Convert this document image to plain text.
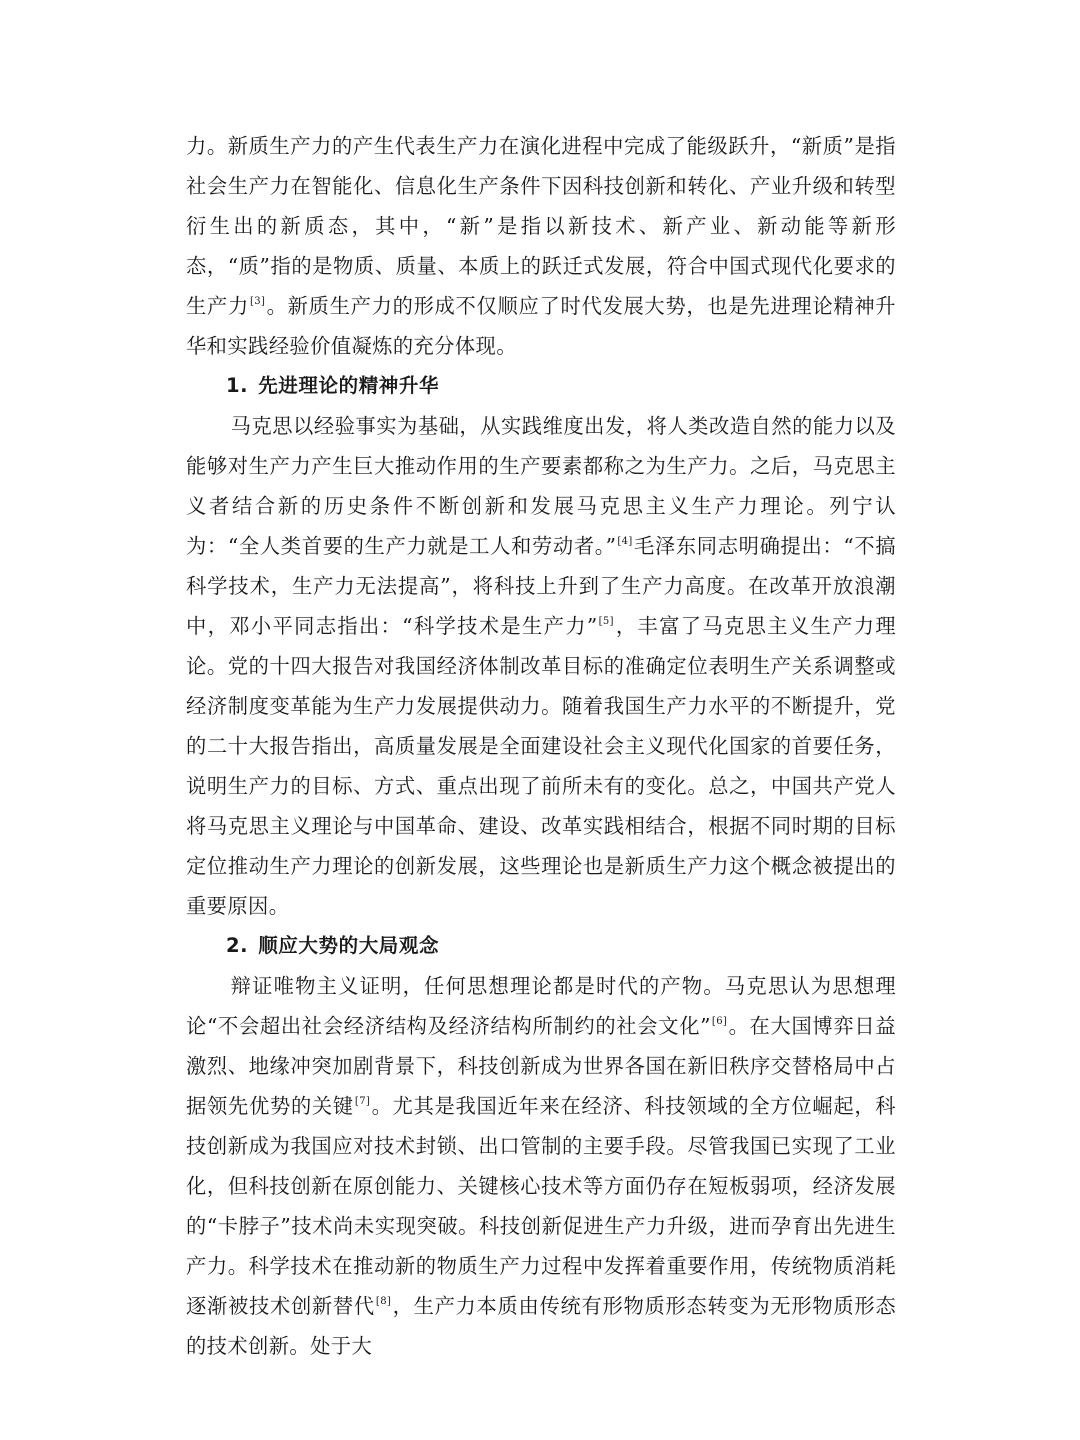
力。新质生产力的产生代表生产力在演化进程中完成了能级跃升，“新质”是指社会生产力在智能化、信息化生产条件下因科技创新和转化、产业升级和转型衍生出的新质态，其中，“新”是指以新技术、新产业、新动能等新形态，“质”指的是物质、质量、本质上的跃迁式发展，符合中国式现代化要求的生产力[3]。新质生产力的形成不仅顺应了时代发展大势，也是先进理论精神升华和实践经验价值凝炼的充分体现。

1. 先进理论的精神升华

马克思以经验事实为基础，从实践维度出发，将人类改造自然的能力以及能够对生产力产生巨大推动作用的生产要素都称之为生产力。之后，马克思主义者结合新的历史条件不断创新和发展马克思主义生产力理论。列宁认为：“全人类首要的生产力就是工人和劳动者。”[4]毛泽东同志明确提出：“不搞科学技术，生产力无法提高”，将科技上升到了生产力高度。在改革开放浪潮中，邓小平同志指出：“科学技术是生产力”[5]，丰富了马克思主义生产力理论。党的十四大报告对我国经济体制改革目标的准确定位表明生产关系调整或经济制度变革能为生产力发展提供动力。随着我国生产力水平的不断提升，党的二十大报告指出，高质量发展是全面建设社会主义现代化国家的首要任务，说明生产力的目标、方式、重点出现了前所未有的变化。总之，中国共产党人将马克思主义理论与中国革命、建设、改革实践相结合，根据不同时期的目标定位推动生产力理论的创新发展，这些理论也是新质生产力这个概念被提出的重要原因。

2. 顺应大势的大局观念

辩证唯物主义证明，任何思想理论都是时代的产物。马克思认为思想理论“不会超出社会经济结构及经济结构所制约的社会文化”[6]。在大国博弈日益激烈、地缘冲突加剧背景下，科技创新成为世界各国在新旧秩序交替格局中占据领先优势的关键[7]。尤其是我国近年来在经济、科技领域的全方位崛起，科技创新成为我国应对技术封锁、出口管制的主要手段。尽管我国已实现了工业化，但科技创新在原创能力、关键核心技术等方面仍存在短板弱项，经济发展的“卡脖子”技术尚未实现突破。科技创新促进生产力升级，进而孕育出先进生产力。科学技术在推动新的物质生产力过程中发挥着重要作用，传统物质消耗逐渐被技术创新替代[8]，生产力本质由传统有形物质形态转变为无形物质形态的技术创新。处于大
